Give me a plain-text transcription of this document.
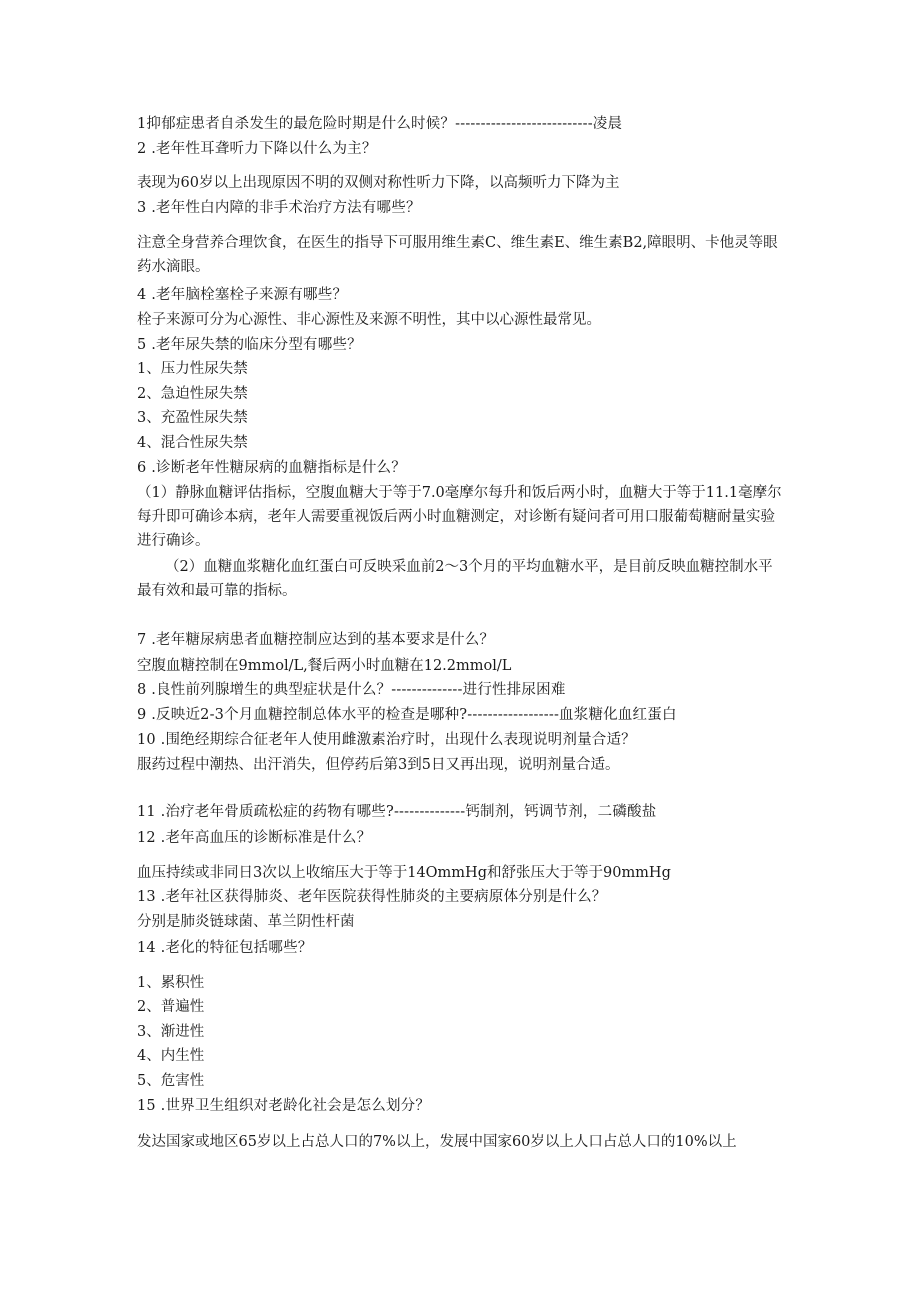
1抑郁症患者自杀发生的最危险时期是什么时候？---------------------------凌晨
2 .老年性耳聋听力下降以什么为主？
表现为60岁以上出现原因不明的双侧对称性听力下降，以高频听力下降为主
3 .老年性白内障的非手术治疗方法有哪些？
注意全身营养合理饮食，在医生的指导下可服用维生素C、维生素E、维生素B2,障眼明、卡他灵等眼药水滴眼。
4 .老年脑栓塞栓子来源有哪些？
栓子来源可分为心源性、非心源性及来源不明性，其中以心源性最常见。
5 .老年尿失禁的临床分型有哪些？
1、压力性尿失禁
2、急迫性尿失禁
3、充盈性尿失禁
4、混合性尿失禁
6 .诊断老年性糖尿病的血糖指标是什么？
（1）静脉血糖评估指标，空腹血糖大于等于7.0毫摩尔每升和饭后两小时，血糖大于等于11.1毫摩尔每升即可确诊本病，老年人需要重视饭后两小时血糖测定，对诊断有疑问者可用口服葡萄糖耐量实验进行确诊。
（2）血糖血浆糖化血红蛋白可反映采血前2〜3个月的平均血糖水平，是目前反映血糖控制水平最有效和最可靠的指标。
7 .老年糖尿病患者血糖控制应达到的基本要求是什么？
空腹血糖控制在9mmol/L,餐后两小时血糖在12.2mmol/L
8 .良性前列腺增生的典型症状是什么？--------------进行性排尿困难
9 .反映近2-3个月血糖控制总体水平的检查是哪种?------------------血浆糖化血红蛋白
10 .围绝经期综合征老年人使用雌激素治疗时，出现什么表现说明剂量合适？
服药过程中潮热、出汗消失，但停药后第3到5日又再出现，说明剂量合适。
11 .治疗老年骨质疏松症的药物有哪些?--------------钙制剂，钙调节剂，二磷酸盐
12 .老年高血压的诊断标准是什么？
血压持续或非同日3次以上收缩压大于等于14OmmHg和舒张压大于等于90mmHg
13 .老年社区获得肺炎、老年医院获得性肺炎的主要病原体分别是什么？
分别是肺炎链球菌、革兰阴性杆菌
14 .老化的特征包括哪些？
1、累积性
2、普遍性
3、渐进性
4、内生性
5、危害性
15 .世界卫生组织对老龄化社会是怎么划分？
发达国家或地区65岁以上占总人口的7%以上，发展中国家60岁以上人口占总人口的10%以上
